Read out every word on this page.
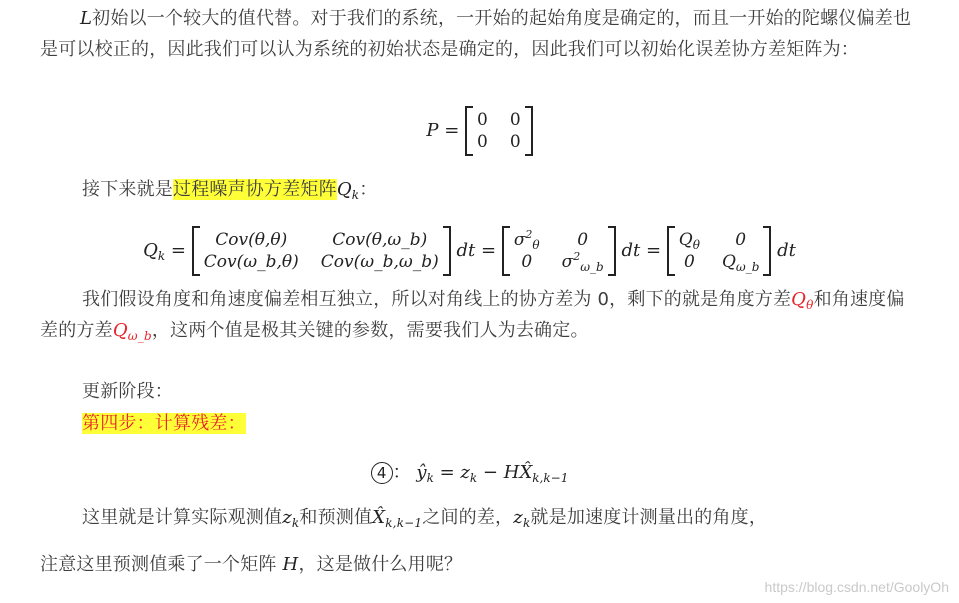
L初始以一个较大的值代替。对于我们的系统，一开始的起始角度是确定的，而且一开始的陀螺仪偏差也是可以校正的，因此我们可以认为系统的初始状态是确定的，因此我们可以初始化误差协方差矩阵为：
P = 0 0
0 0
接下来就是过程噪声协方差矩阵$Q_k$：
$Q_k$ =	Cov(θ,θ)	Cov(θ,ω_b)
Cov(ω_b,θ) Cov(ω_b,ω_b)
dt = $\sigma^2_\theta$	0
0	$\sigma^2_{\omega\_b}$
dt = $Q_\theta$	0
0	$Q_{\omega\_b}$
dt
我们假设角度和角速度偏差相互独立，所以对角线上的协方差为 0，剩下的就是角度方差$Q_\theta$和角速度偏差的方差$Q_{\omega\_b}$，这两个值是极其关键的参数，需要我们人为去确定。
更新阶段：
第四步：计算残差：
4 ： $ŷ_k = z_k$ − $HX̂_{k,k-1}$
这里就是计算实际观测值$z_k$和预测值$X̂_{k,k-1}$之间的差，$z_k$就是加速度计测量出的角度，
注意这里预测值乘了一个矩阵 H，这是做什么用呢？
https://blog.csdn.net/GoolyOh
